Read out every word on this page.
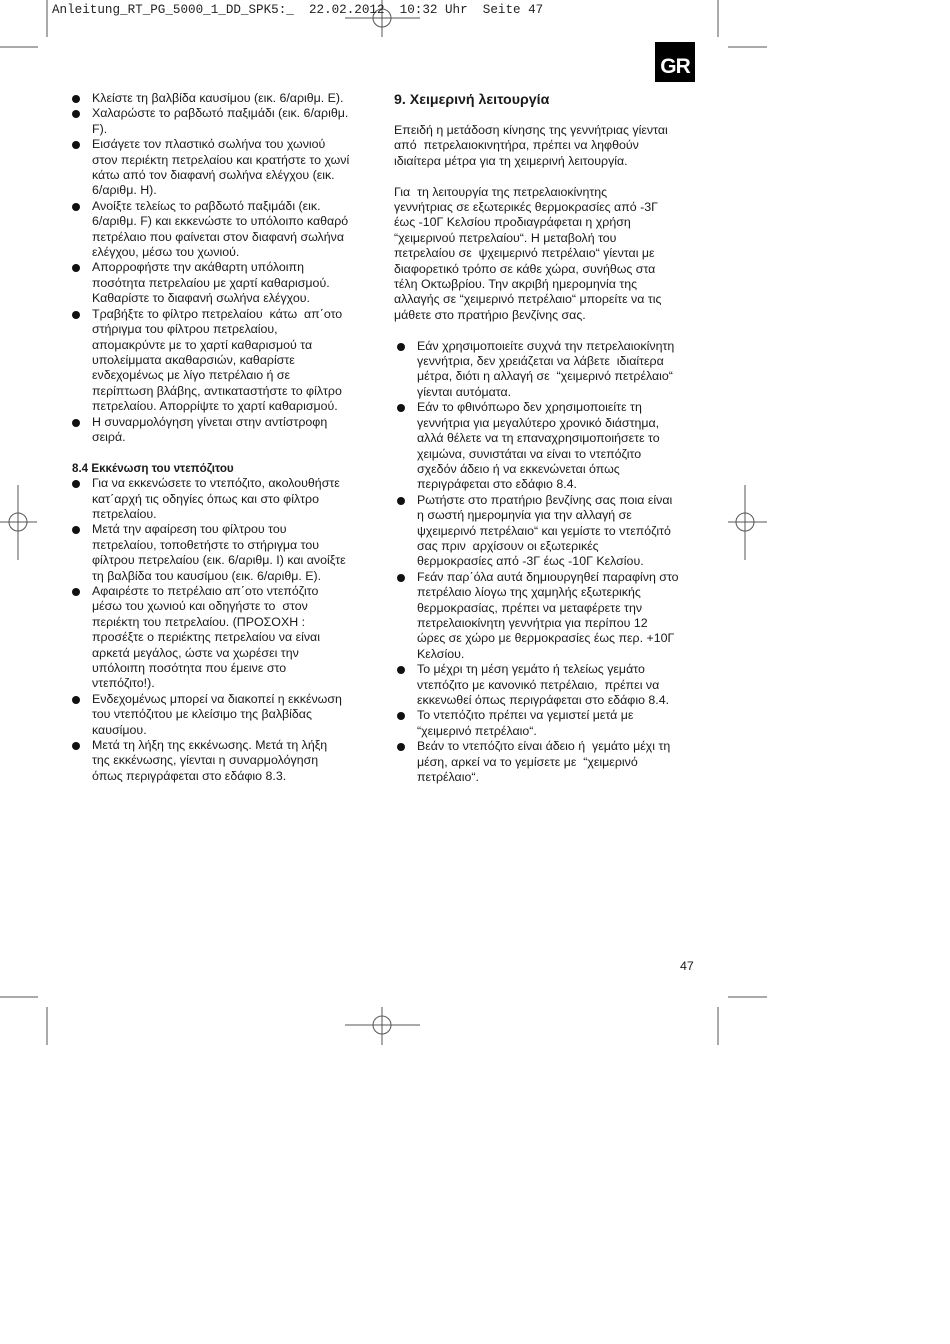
Anleitung_RT_PG_5000_1_DD_SPK5:_  22.02.2012  10:32 Uhr  Seite 47
GR
Κλείστε τη βαλβίδα καυσίμου (εικ. 6/αριθμ. E).
Χαλαρώστε το ραβδωτό παξιμάδι (εικ. 6/αριθμ.
F).
Εισάγετε τον πλαστικό σωλήνα του χωνιού
στον περιέκτη πετρελαίου και κρατήστε το χωνί
κάτω από τον διαφανή σωλήνα ελέγχου (εικ.
6/αριθμ. H).
Ανοίξτε τελείως το ραβδωτό παξιμάδι (εικ.
6/αριθμ. F) και εκκενώστε το υπόλοιπο καθαρό
πετρέλαιο που φαίνεται στον διαφανή σωλήνα
ελέγχου, μέσω του χωνιού.
Απορροφήστε την ακάθαρτη υπόλοιπη
ποσότητα πετρελαίου με χαρτί καθαρισμού.
Καθαρίστε το διαφανή σωλήνα ελέγχου.
Τραβήξτε το φίλτρο πετρελαίου  κάτω  απ΄οτο
στήριγμα του φίλτρου πετρελαίου,
απομακρύντε με το χαρτί καθαρισμού τα
υπολείμματα ακαθαρσιών, καθαρίστε
ενδεχομένως με λίγο πετρέλαιο ή σε
περίπτωση βλάβης, αντικαταστήστε το φίλτρο
πετρελαίου. Απορρίψτε το χαρτί καθαρισμού.
Η συναρμολόγηση γίνεται στην αντίστροφη
σειρά.
8.4 Εκκένωση του ντεπόζιτου
Για να εκκενώσετε το ντεπόζιτο, ακολουθήστε
κατ΄αρχή τις οδηγίες όπως και στο φίλτρο
πετρελαίου.
Μετά την αφαίρεση του φίλτρου του
πετρελαίου, τοποθετήστε το στήριγμα του
φίλτρου πετρελαίου (εικ. 6/αριθμ. I) και ανοίξτε
τη βαλβίδα του καυσίμου (εικ. 6/αριθμ. E).
Αφαιρέστε το πετρέλαιο απ΄οτο ντεπόζιτο
μέσω του χωνιού και οδηγήστε το  στον
περιέκτη του πετρελαίου. (ΠΡΟΣΟΧΗ :
προσέξτε ο περιέκτης πετρελαίου να είναι
αρκετά μεγάλος, ώστε να χωρέσει την
υπόλοιπη ποσότητα που έμεινε στο
ντεπόζιτο!).
Ενδεχομένως μπορεί να διακοπεί η εκκένωση
του ντεπόζιτου με κλείσιμο της βαλβίδας
καυσίμου.
Μετά τη λήξη της εκκένωσης. Μετά τη λήξη
της εκκένωσης, γίενται η συναρμολόγηση
όπως περιγράφεται στο εδάφιο 8.3.
9. Χειμερινή λειτουργία
Επειδή η μετάδοση κίνησης της γεννήτριας γίενται
από  πετρελαιοκινητήρα, πρέπει να ληφθούν
ιδιαίτερα μέτρα για τη χειμερινή λειτουργία.
Για  τη λειτουργία της πετρελαιοκίνητης
γεννήτριας σε εξωτερικές θερμοκρασίες από -3Γ
έως -10Γ Κελσίου προδιαγράφεται η χρήση
“χειμερινού πετρελαίου“. Η μεταβολή του
πετρελαίου σε  ψχειμερινό πετρέλαιο“ γίενται με
διαφορετικό τρόπο σε κάθε χώρα, συνήθως στα
τέλη Οκτωβρίου. Την ακριβή ημερομηνία της
αλλαγής σε “χειμερινό πετρέλαιο“ μπορείτε να τις
μάθετε στο πρατήριο βενζίνης σας.
Εάν χρησιμοποιείτε συχνά την πετρελαιοκίνητη
γεννήτρια, δεν χρειάζεται να λάβετε  ιδιαίτερα
μέτρα, διότι η αλλαγή σε  “χειμερινό πετρέλαιο“
γίενται αυτόματα.
Εάν το φθινόπωρο δεν χρησιμοποιείτε τη
γεννήτρια για μεγαλύτερο χρονικό διάστημα,
αλλά θέλετε να τη επαναχρησιμοποιήσετε το
χειμώνα, συνιστάται να είναι το ντεπόζιτο
σχεδόν άδειο ή να εκκενώνεται όπως
περιγράφεται στο εδάφιο 8.4.
Ρωτήστε στο πρατήριο βενζίνης σας ποια είναι
η σωστή ημερομηνία για την αλλαγή σε
ψχειμερινό πετρέλαιο“ και γεμίστε το ντεπόζιτό
σας πριν  αρχίσουν οι εξωτερικές
θερμοκρασίες από -3Γ έως -10Γ Κελσίου.
Fεάν παρ΄όλα αυτά δημιουργηθεί παραφίνη στο
πετρέλαιο λίογω της χαμηλής εξωτερικής
θερμοκρασίας, πρέπει να μεταφέρετε την
πετρελαιοκίνητη γεννήτρια για περίπου 12
ώρες σε χώρο με θερμοκρασίες έως περ. +10Γ
Κελσίου.
Το μέχρι τη μέση γεμάτο ή τελείως γεμάτο
ντεπόζιτο με κανονικό πετρέλαιο,  πρέπει να
εκκενωθεί όπως περιγράφεται στο εδάφιο 8.4.
Το ντεπόζιτο πρέπει να γεμιστεί μετά με
“χειμερινό πετρέλαιο“.
Βεάν το ντεπόζιτο είναι άδειο ή  γεμάτο μέχι τη
μέση, αρκεί να το γεμίσετε με  “χειμερινό
πετρέλαιο“.
47
